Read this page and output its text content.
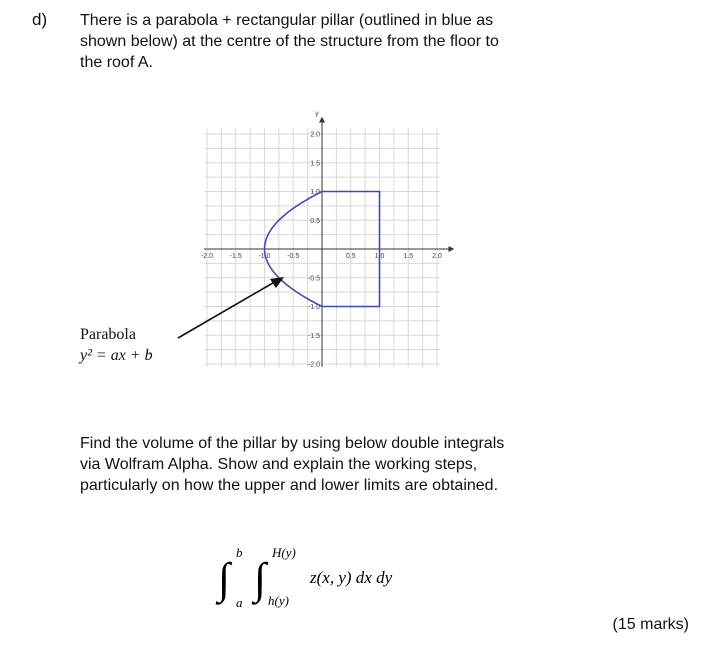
d) There is a parabola + rectangular pillar (outlined in blue as
shown below) at the centre of the structure from the floor to
the roof A.
y
-2.0 -1.5 -1.0 -0.5	0.5	1.0	1.5	2.0
2.0
1.5
1.0
0.5
-0.5
-1.0
-1.5
-2.0
Parabola
y² = ax + b
Find the volume of the pillar by using below double integrals
via Wolfram Alpha. Show and explain the working steps,
particularly on how the upper and lower limits are obtained.
∫
b
a ∫
H(y)
h(y)
z(x, y) dx dy
(15 marks)
